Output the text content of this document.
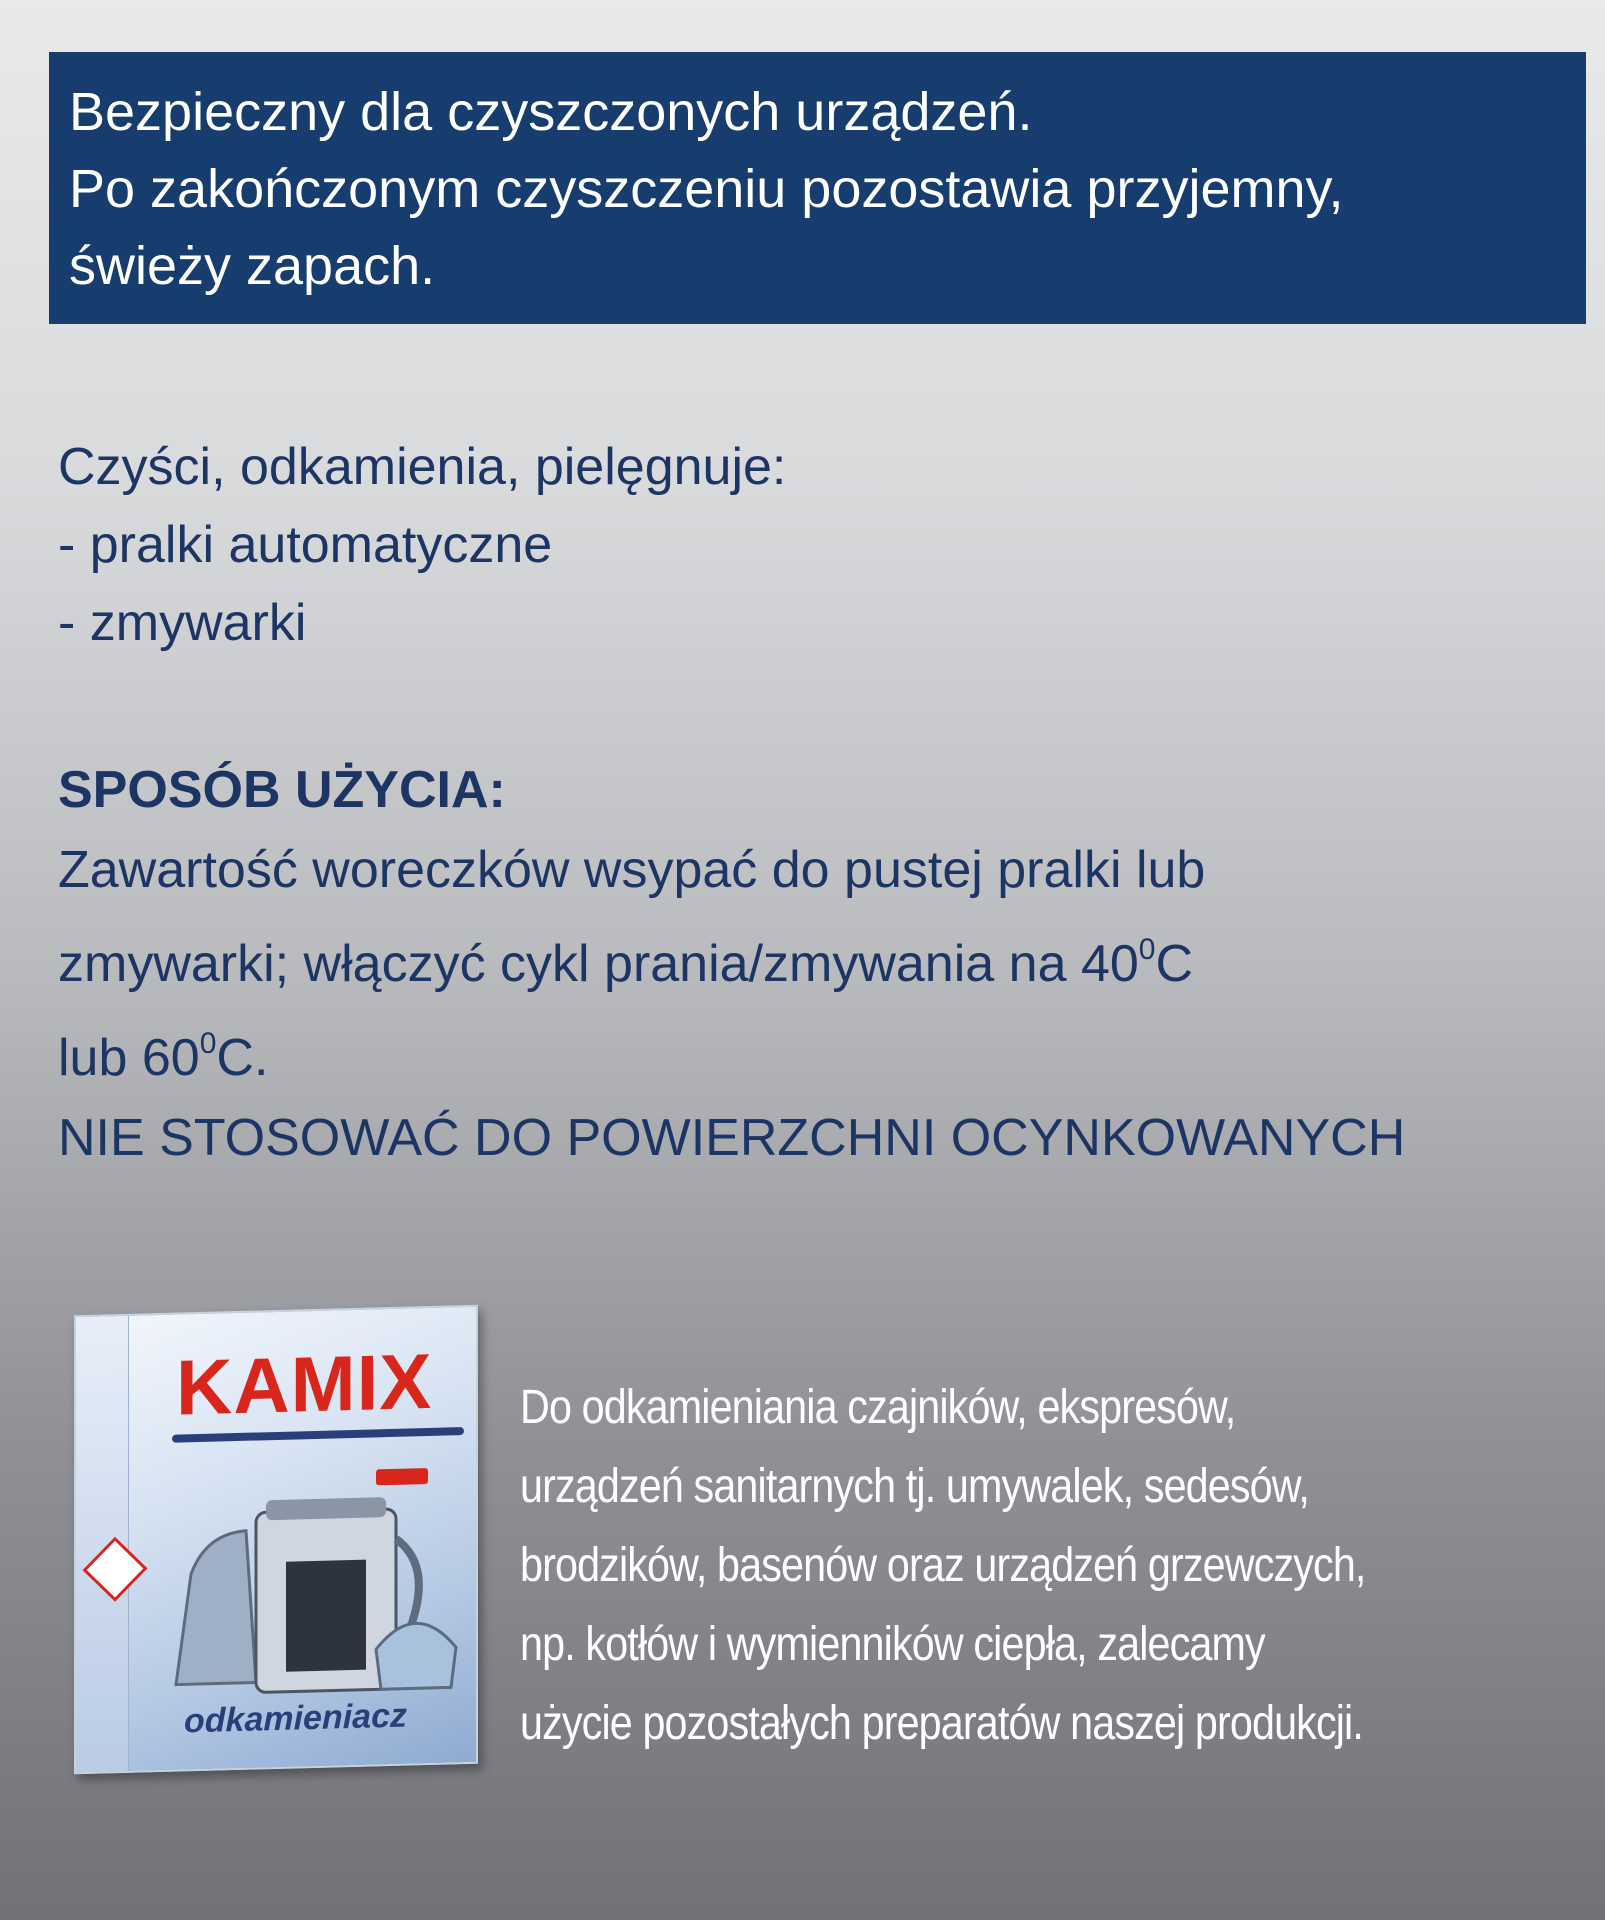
Bezpieczny dla czyszczonych urządzeń.
Po zakończonym czyszczeniu pozostawia przyjemny,
świeży zapach.
Czyści, odkamienia, pielęgnuje:
- pralki automatyczne
- zmywarki
SPOSÓB UŻYCIA:
Zawartość woreczków wsypać do pustej pralki lub
zmywarki; włączyć cykl prania/zmywania na $40^0C$
lub $60^0C$.
NIE STOSOWAĆ DO POWIERZCHNI OCYNKOWANYCH
KAMIX
odkamieniacz
Do odkamieniania czajników, ekspresów,
urządzeń sanitarnych tj. umywalek, sedesów,
brodzików, basenów oraz urządzeń grzewczych,
np. kotłów i wymienników ciepła, zalecamy
użycie pozostałych preparatów naszej produkcji.
